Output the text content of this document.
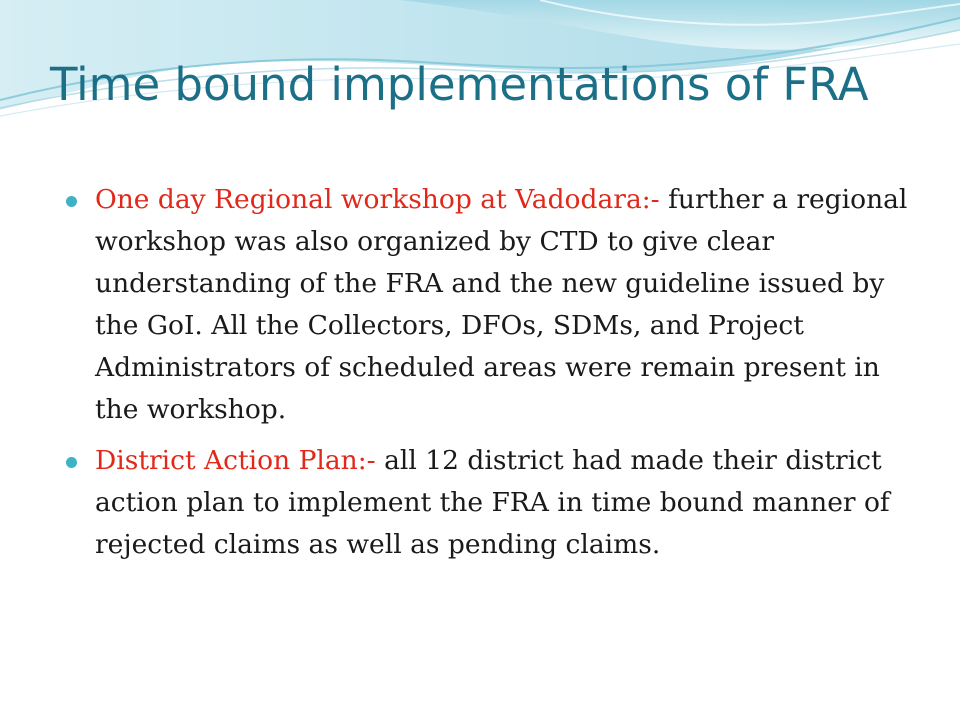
Time bound implementations of FRA
One day Regional workshop at Vadodara:- further a regional workshop was also organized by CTD to give clear understanding of the FRA and the new guideline issued by the GoI. All the Collectors, DFOs, SDMs, and Project Administrators of scheduled areas were remain present in the workshop.
District Action Plan:- all 12 district had made their district action plan to implement the FRA in time bound manner of rejected claims as well as pending claims.
